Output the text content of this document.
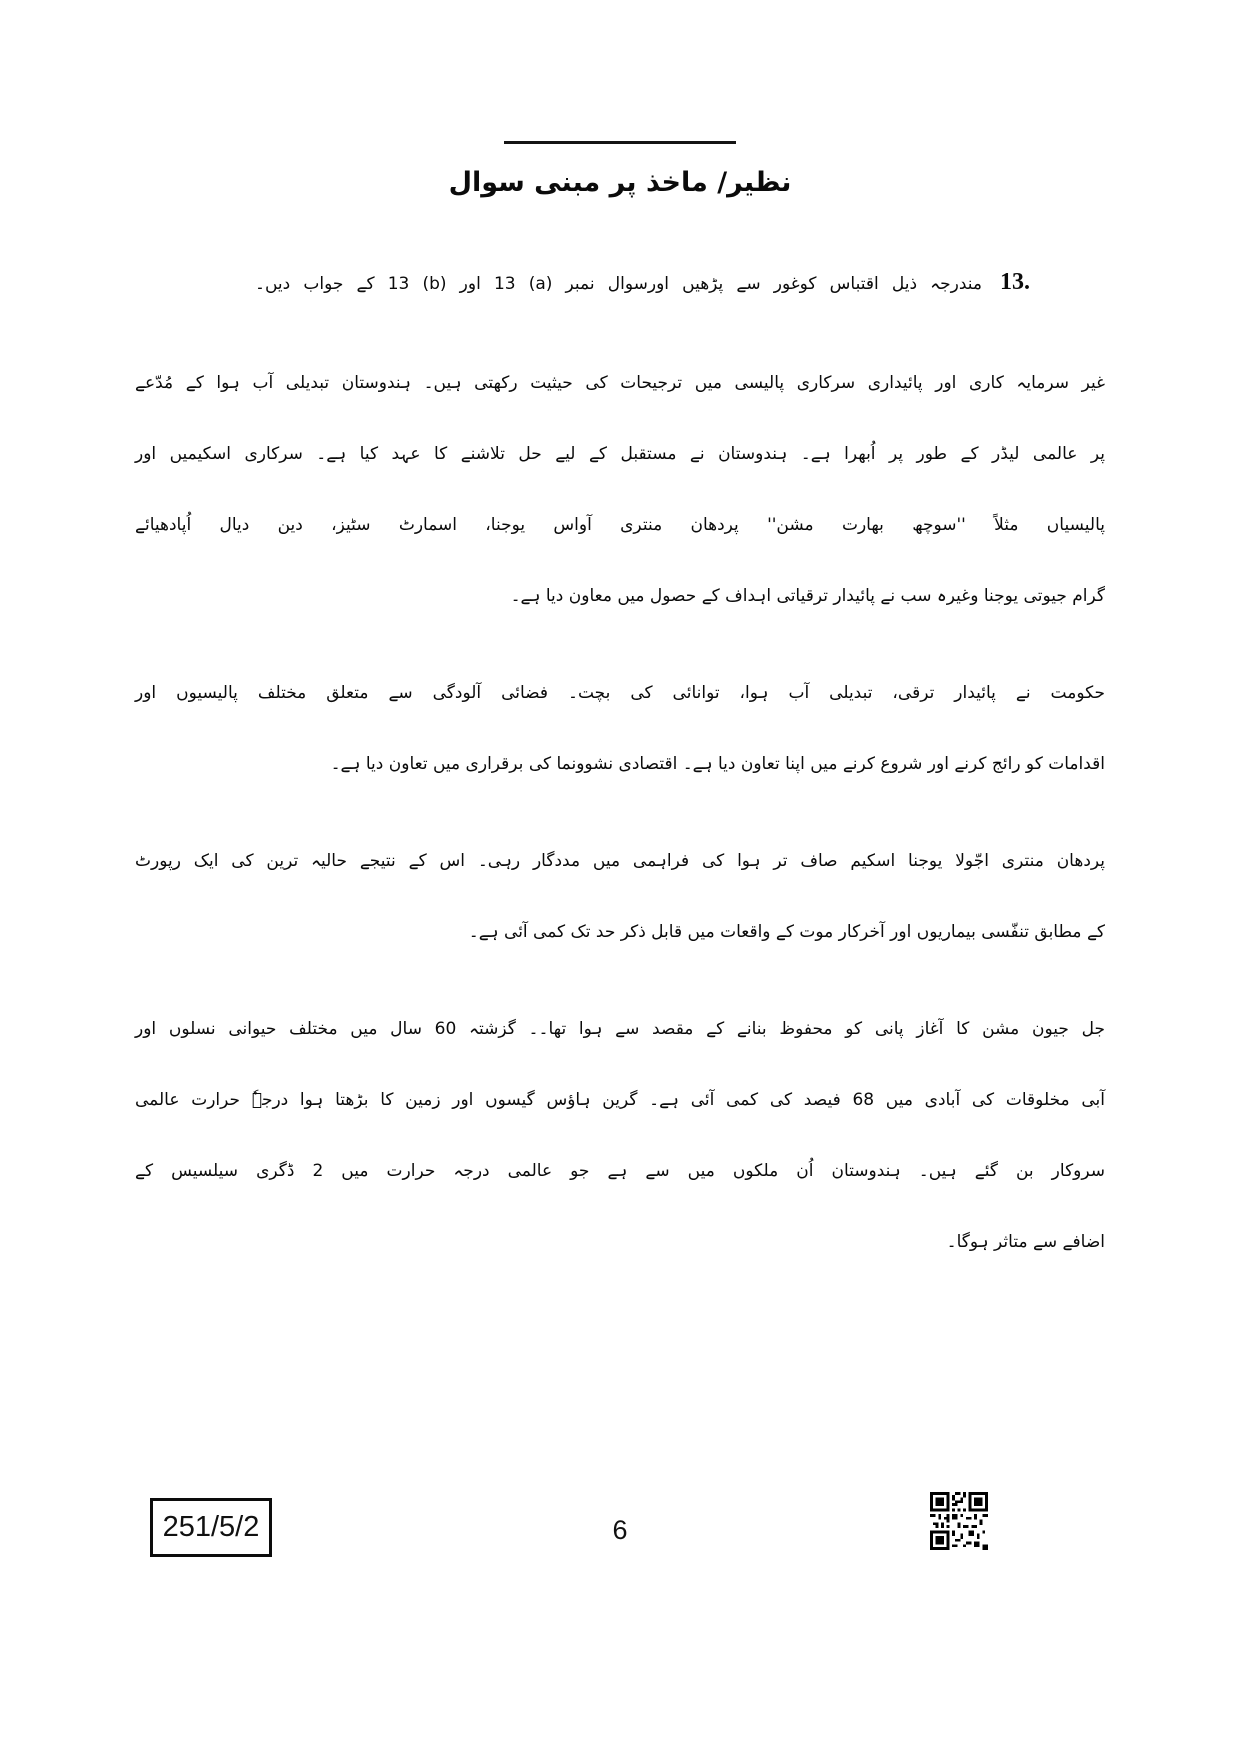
نظیر/ ماخذ پر مبنی سوال
13.
مندرجہ ذیل اقتباس کوغور سے پڑھیں اورسوال نمبر ‪13 (a)‬ اور ‪13 (b)‬ کے جواب دیں۔
غیر سرمایہ کاری اور پائیداری سرکاری پالیسی میں ترجیحات کی حیثیت رکھتی ہیں۔ ہندوستان تبدیلی آب ہوا کے مُدّعے
پر عالمی لیڈر کے طور پر اُبھرا ہے۔ ہندوستان نے مستقبل کے لیے حل تلاشنے کا عہد کیا ہے۔ سرکاری اسکیمیں اور
پالیسیاں مثلاً ''سوچھ بھارت مشن'' پردھان منتری آواس یوجنا، اسمارٹ سٹیز، دین دیال اُپادھیائے
گرام جیوتی یوجنا وغیرہ سب نے پائیدار ترقیاتی اہداف کے حصول میں معاون دیا ہے۔
حکومت نے پائیدار ترقی، تبدیلی آب ہوا، توانائی کی بچت۔ فضائی آلودگی سے متعلق مختلف پالیسیوں اور
اقدامات کو رائج کرنے اور شروع کرنے میں اپنا تعاون دیا ہے۔ اقتصادی نشوونما کی برقراری میں تعاون دیا ہے۔
پردھان منتری اجّولا یوجنا اسکیم صاف تر ہوا کی فراہمی میں مددگار رہی۔ اس کے نتیجے حالیہ ترین کی ایک رپورٹ
کے مطابق تنفّسی بیماریوں اور آخرکار موت کے واقعات میں قابل ذکر حد تک کمی آئی ہے۔
جل جیون مشن کا آغاز پانی کو محفوظ بنانے کے مقصد سے ہوا تھا۔۔ گزشتہ 60 سال میں مختلف حیوانی نسلوں اور
آبی مخلوقات کی آبادی میں 68 فیصد کی کمی آئی ہے۔ گرین ہاؤس گیسوں اور زمین کا بڑھتا ہوا درجہٗ حرارت عالمی
سروکار بن گئے ہیں۔ ہندوستان اُن ملکوں میں سے ہے جو عالمی درجہ حرارت میں 2 ڈگری سیلسیس کے
اضافے سے متاثر ہوگا۔
251/5/2	6
